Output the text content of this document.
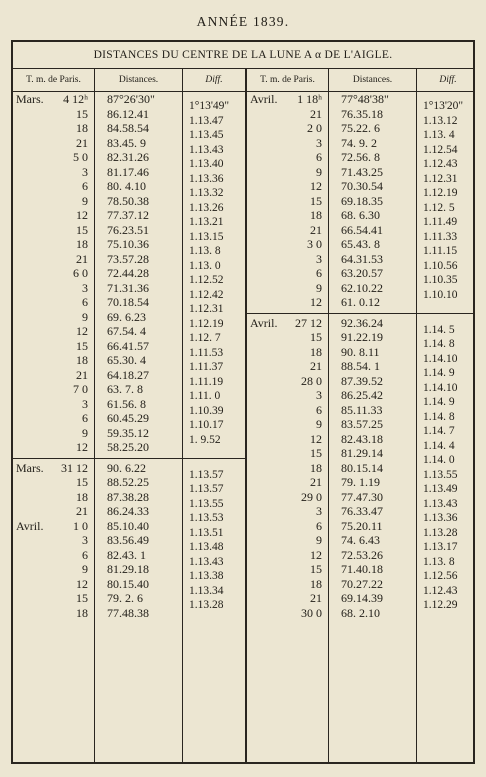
ANNÉE 1839.
DISTANCES DU CENTRE DE LA LUNE A α DE L'AIGLE.
T. m. de Paris.
Mars. 4 12ʰ
15
18
21
5 0
3
6
9
12
15
18
21
6 0
3
6
9
12
15
18
21
7 0
3
6
9
12
Mars. 31 12
15
18
21
Avril. 1 0
3
6
9
12
15
18
Distances.
87°26'30"
86.12.41
84.58.54
83.45. 9
82.31.26
81.17.46
80. 4.10
78.50.38
77.37.12
76.23.51
75.10.36
73.57.28
72.44.28
71.31.36
70.18.54
69. 6.23
67.54. 4
66.41.57
65.30. 4
64.18.27
63. 7. 8
61.56. 8
60.45.29
59.35.12
58.25.20
90. 6.22
88.52.25
87.38.28
86.24.33
85.10.40
83.56.49
82.43. 1
81.29.18
80.15.40
79. 2. 6
77.48.38
Diff.
1°13'49"
1.13.47
1.13.45
1.13.43
1.13.40
1.13.36
1.13.32
1.13.26
1.13.21
1.13.15
1.13. 8
1.13. 0
1.12.52
1.12.42
1.12.31
1.12.19
1.12. 7
1.11.53
1.11.37
1.11.19
1.11. 0
1.10.39
1.10.17
1. 9.52
1.13.57
1.13.57
1.13.55
1.13.53
1.13.51
1.13.48
1.13.43
1.13.38
1.13.34
1.13.28
T. m. de Paris.
Avril. 1 18ʰ
21
2 0
3
6
9
12
15
18
21
3 0
3
6
9
12
Avril. 27 12
15
18
21
28 0
3
6
9
12
15
18
21
29 0
3
6
9
12
15
18
21
30 0
Distances.
77°48'38"
76.35.18
75.22. 6
74. 9. 2
72.56. 8
71.43.25
70.30.54
69.18.35
68. 6.30
66.54.41
65.43. 8
64.31.53
63.20.57
62.10.22
61. 0.12
92.36.24
91.22.19
90. 8.11
88.54. 1
87.39.52
86.25.42
85.11.33
83.57.25
82.43.18
81.29.14
80.15.14
79. 1.19
77.47.30
76.33.47
75.20.11
74. 6.43
72.53.26
71.40.18
70.27.22
69.14.39
68. 2.10
Diff.
1°13'20"
1.13.12
1.13. 4
1.12.54
1.12.43
1.12.31
1.12.19
1.12. 5
1.11.49
1.11.33
1.11.15
1.10.56
1.10.35
1.10.10
1.14. 5
1.14. 8
1.14.10
1.14. 9
1.14.10
1.14. 9
1.14. 8
1.14. 7
1.14. 4
1.14. 0
1.13.55
1.13.49
1.13.43
1.13.36
1.13.28
1.13.17
1.13. 8
1.12.56
1.12.43
1.12.29
